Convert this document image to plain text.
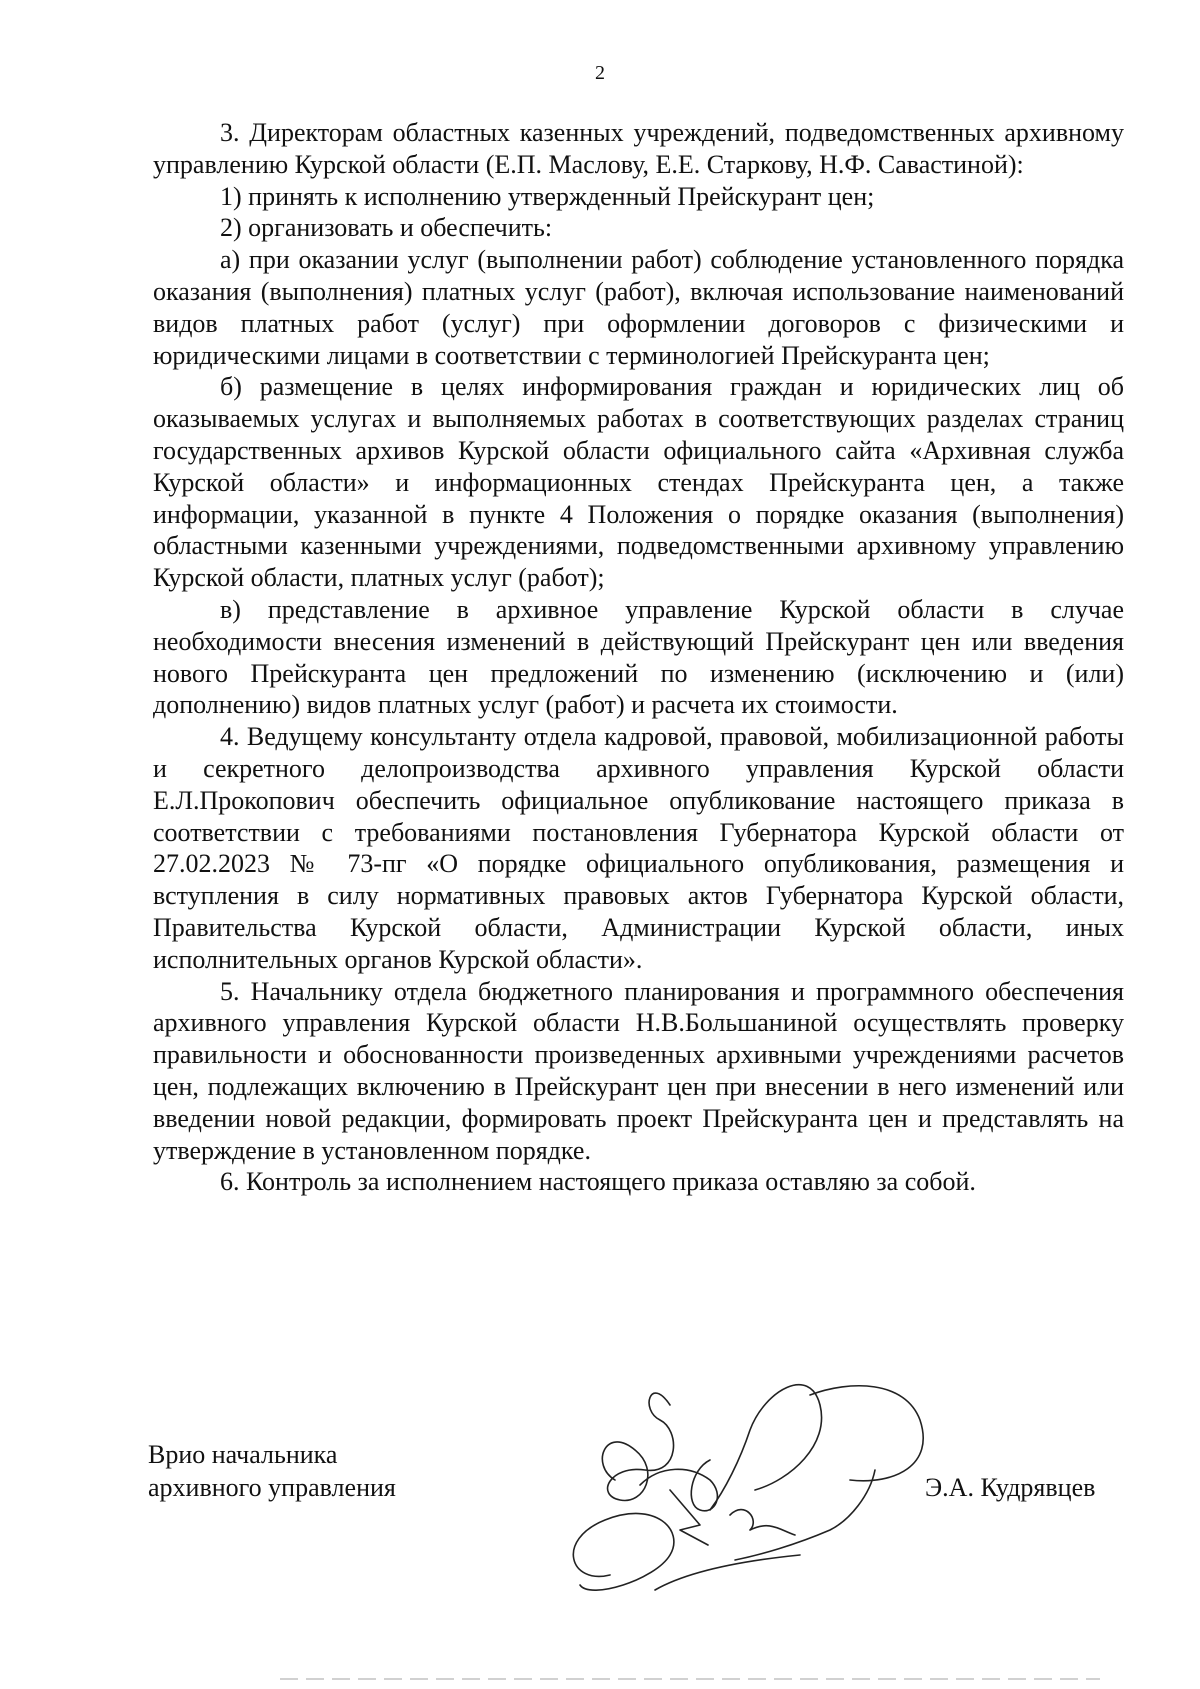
2

3. Директорам областных казенных учреждений, подведомственных архивному управлению Курской области (Е.П. Маслову, Е.Е. Старкову, Н.Ф. Савастиной):

1) принять к исполнению утвержденный Прейскурант цен;

2) организовать и обеспечить:

а) при оказании услуг (выполнении работ) соблюдение установленного порядка оказания (выполнения) платных услуг (работ), включая использование наименований видов платных работ (услуг) при оформлении договоров с физическими и юридическими лицами в соответствии с терминологией Прейскуранта цен;

б) размещение в целях информирования граждан и юридических лиц об оказываемых услугах и выполняемых работах в соответствующих разделах страниц государственных архивов Курской области официального сайта «Архивная служба Курской области» и информационных стендах Прейскуранта цен, а также информации, указанной в пункте 4 Положения о порядке оказания (выполнения) областными казенными учреждениями, подведомственными архивному управлению Курской области, платных услуг (работ);

в) представление в архивное управление Курской области в случае необходимости внесения изменений в действующий Прейскурант цен или введения нового Прейскуранта цен предложений по изменению (исключению и (или) дополнению) видов платных услуг (работ) и расчета их стоимости.

4. Ведущему консультанту отдела кадровой, правовой, мобилизационной работы и секретного делопроизводства архивного управления Курской области Е.Л.Прокопович обеспечить официальное опубликование настоящего приказа в соответствии с требованиями постановления Губернатора Курской области от 27.02.2023 № 73-пг «О порядке официального опубликования, размещения и вступления в силу нормативных правовых актов Губернатора Курской области, Правительства Курской области, Администрации Курской области, иных исполнительных органов Курской области».

5. Начальнику отдела бюджетного планирования и программного обеспечения архивного управления Курской области Н.В.Большаниной осуществлять проверку правильности и обоснованности произведенных архивными учреждениями расчетов цен, подлежащих включению в Прейскурант цен при внесении в него изменений или введении новой редакции, формировать проект Прейскуранта цен и представлять на утверждение в установленном порядке.

6. Контроль за исполнением настоящего приказа оставляю за собой.

Врио начальника
архивного управления	Э.А. Кудрявцев
